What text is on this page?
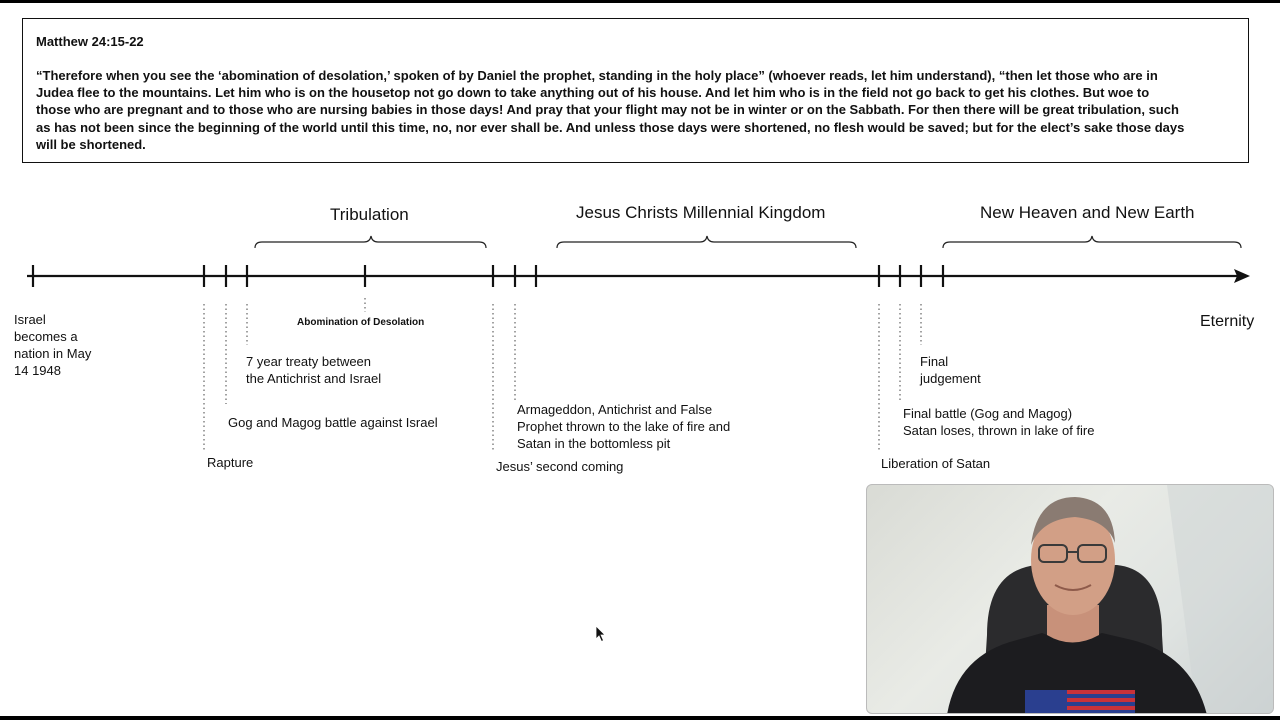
Matthew 24:15-22
“Therefore when you see the ‘abomination of desolation,’ spoken of by Daniel the prophet, standing in the holy place” (whoever reads, let him understand), “then let those who are in Judea flee to the mountains. Let him who is on the housetop not go down to take anything out of his house. And let him who is in the field not go back to get his clothes. But woe to those who are pregnant and to those who are nursing babies in those days! And pray that your flight may not be in winter or on the Sabbath. For then there will be great tribulation, such as has not been since the beginning of the world until this time, no, nor ever shall be. And unless those days were shortened, no flesh would be saved; but for the elect’s sake those days will be shortened.
Tribulation	Jesus Christs Millennial Kingdom	New Heaven and New Earth
Israel
becomes a
nation in May
14 1948
Abomination of Desolation
7 year treaty between
the Antichrist and Israel
Gog and Magog battle against Israel
Rapture
Armageddon, Antichrist and False
Prophet thrown to the lake of fire and
Satan in the bottomless pit
Jesus’ second coming
Final
judgement
Final battle (Gog and Magog)
Satan loses, thrown in lake of fire
Liberation of Satan
Eternity
